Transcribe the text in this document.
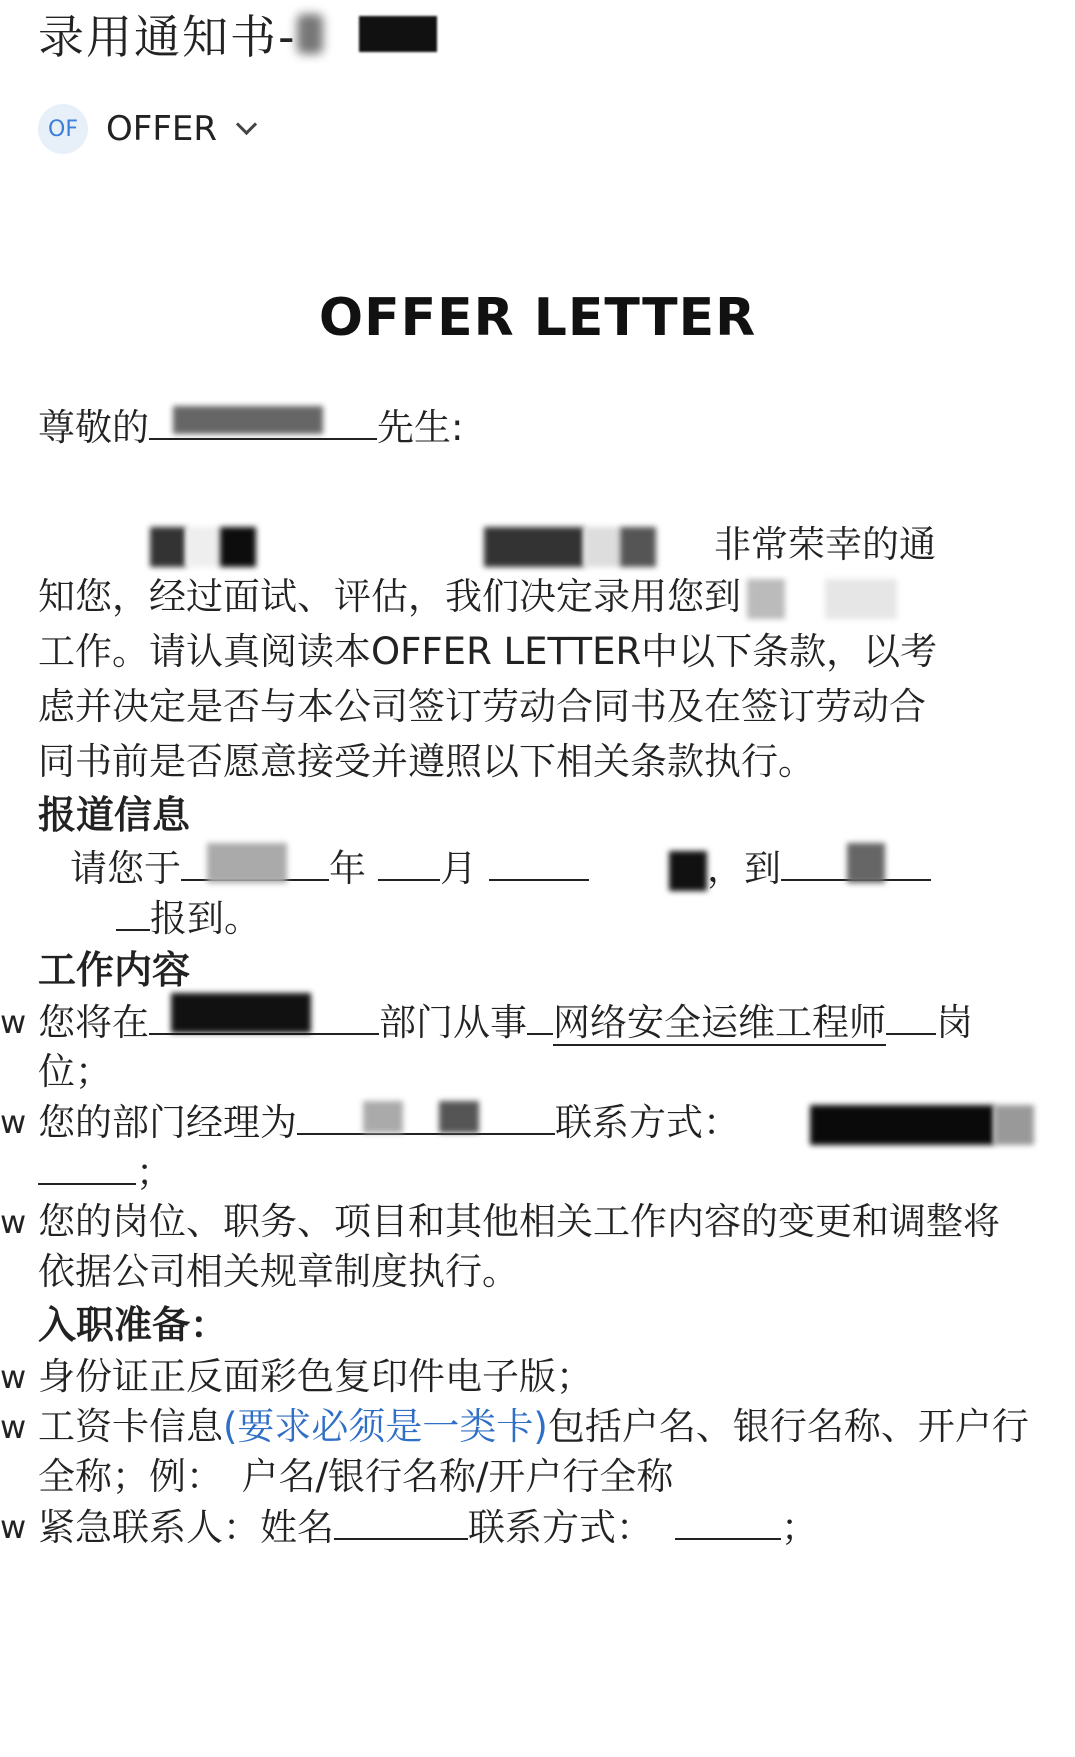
录用通知书-
OF OFFER
OFFER LETTER
尊敬的	先生:
非常荣幸的通
知您，经过面试、评估，我们决定录用您到
工作。请认真阅读本OFFER LETTER中以下条款，以考
虑并决定是否与本公司签订劳动合同书及在签订劳动合
同书前是否愿意接受并遵照以下相关条款执行。
报道信息
请您于	年 月	，到
报到。
工作内容
w 您将在	部门从事 网络安全运维工程师 岗
位；
w 您的部门经理为	联系方式：
；
w 您的岗位、职务、项目和其他相关工作内容的变更和调整将
依据公司相关规章制度执行。
入职准备：
w 身份证正反面彩色复印件电子版；
w 工资卡信息(要求必须是一类卡)包括户名、银行名称、开户行
全称；例：　户名/银行名称/开户行全称
w 紧急联系人：姓名	联系方式：	；
